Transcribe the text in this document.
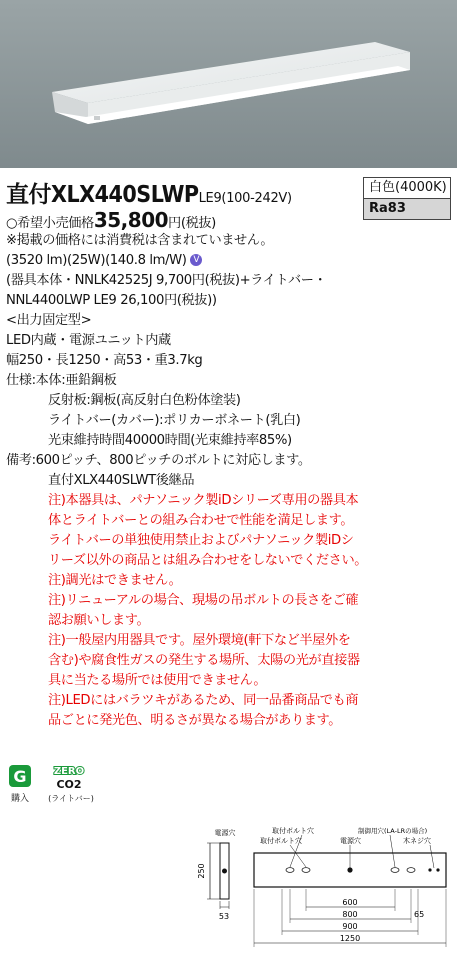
直付XLX440SLWPLE9(100-242V)
白色(4000K)
Ra83
○希望小売価格35,800円(税抜)
※掲載の価格には消費税は含まれていません。
(3520 lm)(25W)(140.8 lm/W) V
(器具本体・NNLK42525J 9,700円(税抜)+ライトバー・
NNL4400LWP LE9 26,100円(税抜))
<出力固定型>
LED内蔵・電源ユニット内蔵
幅250・長1250・高53・重3.7kg
仕様:本体:亜鉛鋼板
反射板:鋼板(高反射白色粉体塗装)
ライトバー(カバー):ポリカーボネート(乳白)
光束維持時間40000時間(光束維持率85%)
備考:600ピッチ、800ピッチのボルトに対応します。
直付XLX440SLWT後継品
注)本器具は、パナソニック製iDシリーズ専用の器具本
体とライトバーとの組み合わせで性能を満足します。
ライトバーの単独使用禁止およびパナソニック製iDシ
リーズ以外の商品とは組み合わせをしないでください。
注)調光はできません。
注)リニューアルの場合、現場の吊ボルトの長さをご確
認お願いします。
注)一般屋内用器具です。屋外環境(軒下など半屋外を
含む)や腐食性ガスの発生する場所、太陽の光が直接器
具に当たる場所では使用できません。
注)LEDにはバラツキがあるため、同一品番商品でも商
品ごとに発光色、明るさが異なる場合があります。
G
購入
ZERO
CO2
(ライトバー)
250
53
電源穴	取付ボルト穴
取付ボルト穴	電源穴
制御用穴(LA-LRの場合)
木ネジ穴
600
800	65
900
1250
